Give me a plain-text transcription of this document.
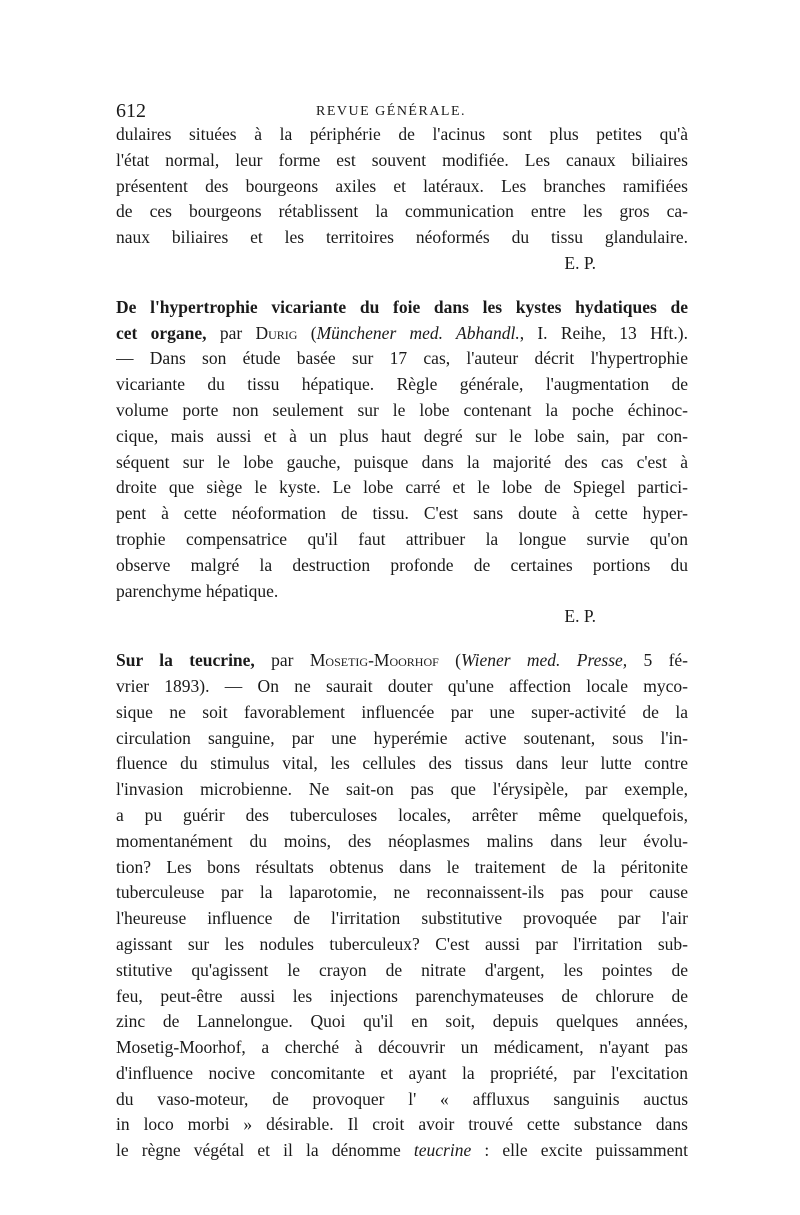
612	REVUE GÉNÉRALE.
dulaires situées à la périphérie de l'acinus sont plus petites qu'à
l'état normal, leur forme est souvent modifiée. Les canaux biliaires
présentent des bourgeons axiles et latéraux. Les branches ramifiées
de ces bourgeons rétablissent la communication entre les gros ca-
naux biliaires et les territoires néoformés du tissu glandulaire.
E. P.
De l'hypertrophie vicariante du foie dans les kystes hydatiques de
cet organe, par Durig (Münchener med. Abhandl., I. Reihe, 13 Hft.).
— Dans son étude basée sur 17 cas, l'auteur décrit l'hypertrophie
vicariante du tissu hépatique. Règle générale, l'augmentation de
volume porte non seulement sur le lobe contenant la poche échinoc-
cique, mais aussi et à un plus haut degré sur le lobe sain, par con-
séquent sur le lobe gauche, puisque dans la majorité des cas c'est à
droite que siège le kyste. Le lobe carré et le lobe de Spiegel partici-
pent à cette néoformation de tissu. C'est sans doute à cette hyper-
trophie compensatrice qu'il faut attribuer la longue survie qu'on
observe malgré la destruction profonde de certaines portions du
parenchyme hépatique.
E. P.
Sur la teucrine, par Mosetig-Moorhof (Wiener med. Presse, 5 fé-
vrier 1893). — On ne saurait douter qu'une affection locale myco-
sique ne soit favorablement influencée par une super-activité de la
circulation sanguine, par une hyperémie active soutenant, sous l'in-
fluence du stimulus vital, les cellules des tissus dans leur lutte contre
l'invasion microbienne. Ne sait-on pas que l'érysipèle, par exemple,
a pu guérir des tuberculoses locales, arrêter même quelquefois,
momentanément du moins, des néoplasmes malins dans leur évolu-
tion? Les bons résultats obtenus dans le traitement de la péritonite
tuberculeuse par la laparotomie, ne reconnaissent-ils pas pour cause
l'heureuse influence de l'irritation substitutive provoquée par l'air
agissant sur les nodules tuberculeux? C'est aussi par l'irritation sub-
stitutive qu'agissent le crayon de nitrate d'argent, les pointes de
feu, peut-être aussi les injections parenchymateuses de chlorure de
zinc de Lannelongue. Quoi qu'il en soit, depuis quelques années,
Mosetig-Moorhof, a cherché à découvrir un médicament, n'ayant pas
d'influence nocive concomitante et ayant la propriété, par l'excitation
du vaso-moteur, de provoquer l' « affluxus sanguinis auctus
in loco morbi » désirable. Il croit avoir trouvé cette substance dans
le règne végétal et il la dénomme teucrine : elle excite puissamment
